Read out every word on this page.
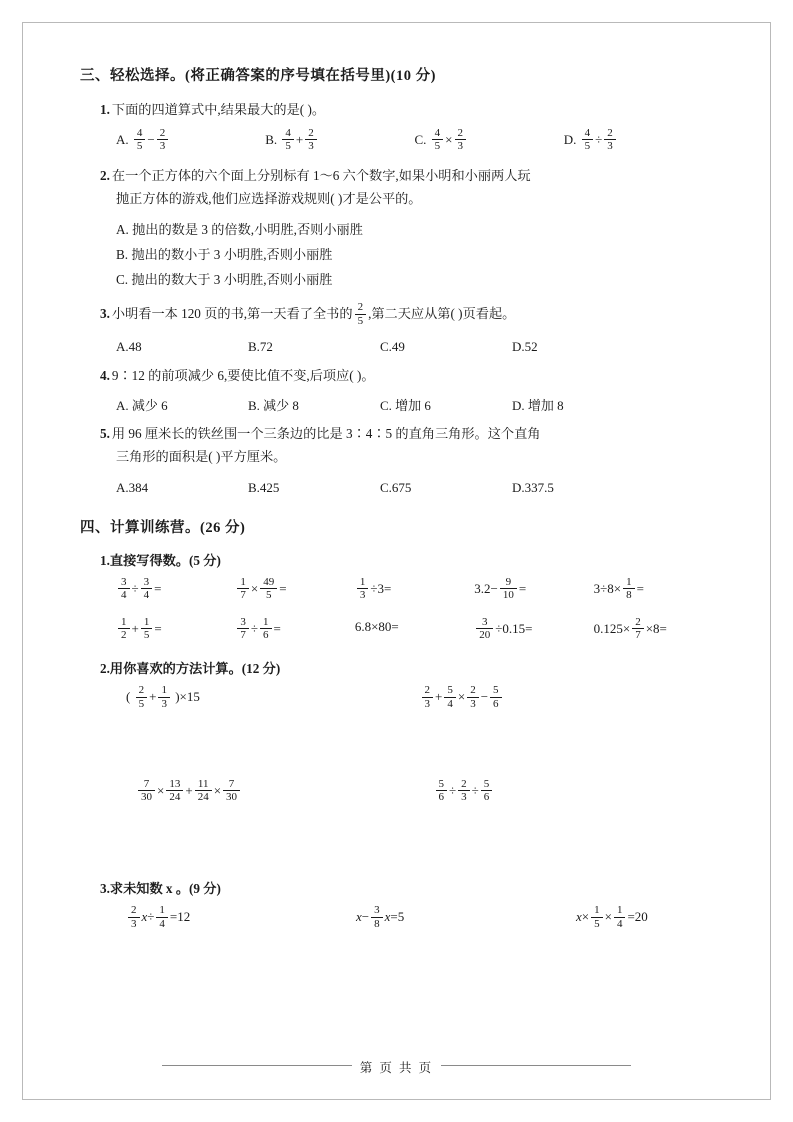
三、轻松选择。(将正确答案的序号填在括号里)(10 分)
1. 下面的四道算式中,结果最大的是( )。
A. $\frac{4}{5} - \frac{2}{3}$	B. $\frac{4}{5} + \frac{2}{3}$	C. $\frac{4}{5} \times \frac{2}{3}$	D. $\frac{4}{5} \div \frac{2}{3}$
2. 在一个正方体的六个面上分别标有 1～6 六个数字,如果小明和小丽两人玩
抛正方体的游戏,他们应选择游戏规则( )才是公平的。
A. 抛出的数是 3 的倍数,小明胜,否则小丽胜
B. 抛出的数小于 3 小明胜,否则小丽胜
C. 抛出的数大于 3 小明胜,否则小丽胜
3. 小明看一本 120 页的书,第一天看了全书的 $\frac{2}{5}$ ,第二天应从第( )页看起。
A.48	B.72	C.49	D.52
4. 9∶12 的前项减少 6,要使比值不变,后项应( )。
A. 减少 6	B. 减少 8	C. 增加 6	D. 增加 8
5. 用 96 厘米长的铁丝围一个三条边的比是 3∶4∶5 的直角三角形。这个直角
三角形的面积是( )平方厘米。
A.384	B.425	C.675	D.337.5
四、计算训练营。(26 分)
1.直接写得数。(5 分)
$\frac{3}{4} \div \frac{3}{4}$ =	$\frac{1}{7} \times \frac{49}{5}$ =	$\frac{1}{3} \div 3=$	$3.2- \frac{9}{10}$ =	$3\div 8\times \frac{1}{8}$ =
$\frac{1}{2} + \frac{1}{5}$ =	$\frac{3}{7} \div \frac{1}{6}$ =	6.8×80=	$\frac{3}{20} \div 0.15=$	$0.125\times \frac{2}{7} \times 8=$
2.用你喜欢的方法计算。(12 分)
( $\frac{2}{5} + \frac{1}{3} )\times 15$	$\frac{2}{3} + \frac{5}{4} \times \frac{2}{3} - \frac{5}{6}$
$\frac{7}{30} \times \frac{13}{24} + \frac{11}{24} \times \frac{7}{30}$	$\frac{5}{6} \div \frac{2}{3} \div \frac{5}{6}$
3.求未知数 x 。(9 分)
$\frac{2}{3} x\div \frac{1}{4} =12$	$x- \frac{3}{8} x=5$	$x\times \frac{1}{5} \times \frac{1}{4} =20$
第 页 共 页
